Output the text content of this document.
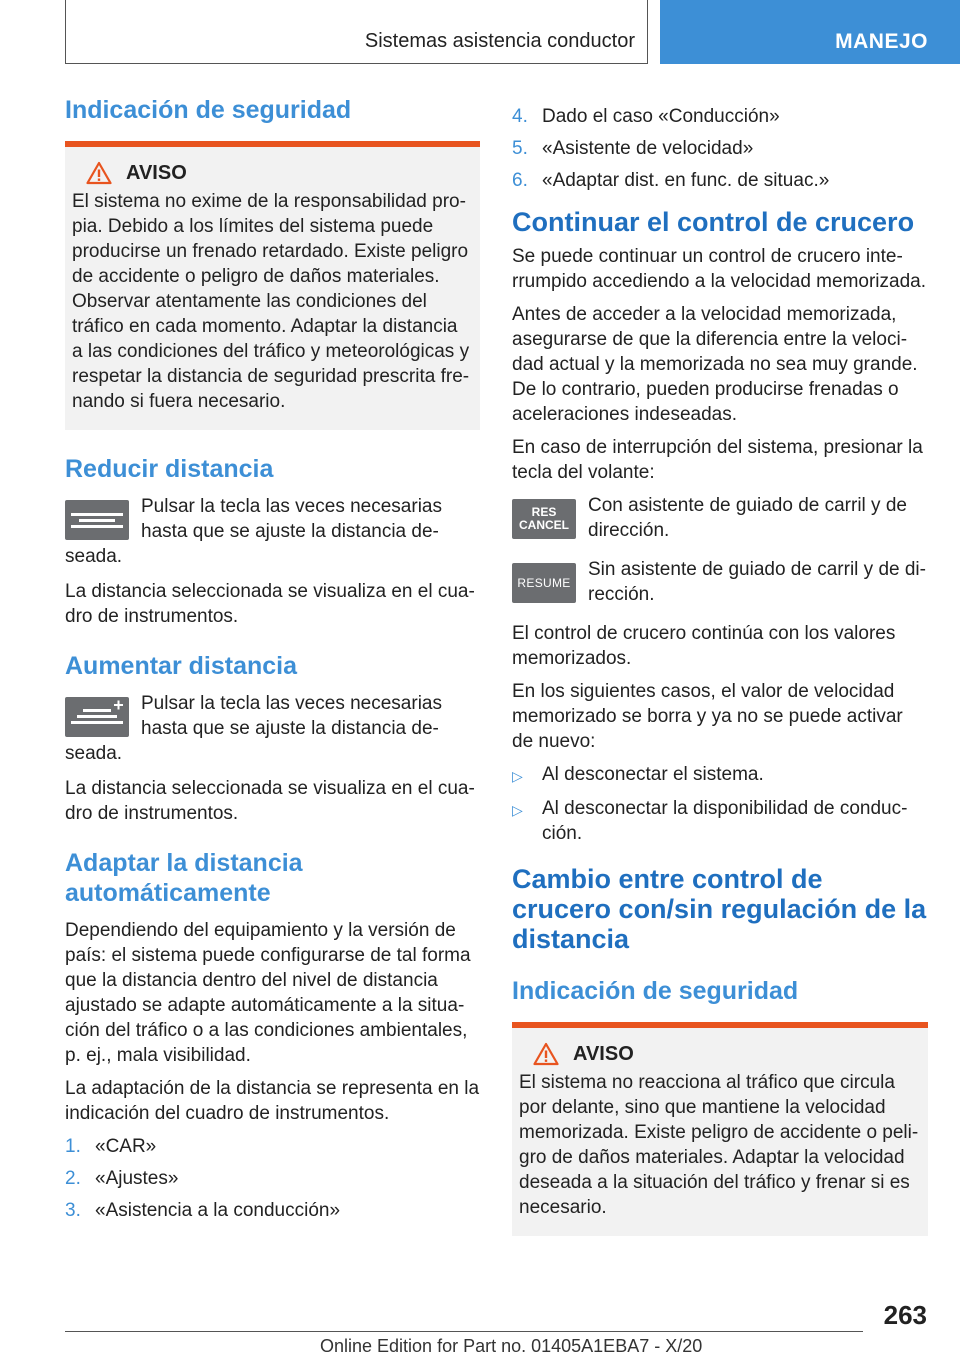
Sistemas asistencia conductor	MANEJO
Indicación de seguridad
AVISO

El sistema no exime de la responsabilidad propia. Debido a los límites del sistema puede producirse un frenado retardado. Existe peligro de accidente o peligro de daños materiales. Observar atentamente las condiciones del tráfico en cada momento. Adaptar la distancia a las condiciones del tráfico y meteorológicas y respetar la distancia de seguridad prescrita frenando si fuera necesario.

Reducir distancia
Pulsar la tecla las veces necesarias hasta que se ajuste la distancia deseada.

La distancia seleccionada se visualiza en el cuadro de instrumentos.

Aumentar distancia
Pulsar la tecla las veces necesarias hasta que se ajuste la distancia deseada.

La distancia seleccionada se visualiza en el cuadro de instrumentos.

Adaptar la distancia automáticamente

Dependiendo del equipamiento y la versión de país: el sistema puede configurarse de tal forma que la distancia dentro del nivel de distancia ajustado se adapte automáticamente a la situación del tráfico o a las condiciones ambientales, p. ej., mala visibilidad.

La adaptación de la distancia se representa en la indicación del cuadro de instrumentos.

1. «CAR»
2. «Ajustes»
3. «Asistencia a la conducción»
4. Dado el caso «Conducción»
5. «Asistente de velocidad»
6. «Adaptar dist. en func. de situac.»
Continuar el control de crucero

Se puede continuar un control de crucero interrumpido accediendo a la velocidad memorizada.

Antes de acceder a la velocidad memorizada, asegurarse de que la diferencia entre la velocidad actual y la memorizada no sea muy grande. De lo contrario, pueden producirse frenadas o aceleraciones indeseadas.

En caso de interrupción del sistema, presionar la tecla del volante:

RES
CANCEL
Con asistente de guiado de carril y de dirección.
RESUME
Sin asistente de guiado de carril y de dirección.

El control de crucero continúa con los valores memorizados.

En los siguientes casos, el valor de velocidad memorizado se borra y ya no se puede activar de nuevo:

▷	Al desconectar el sistema.
▷	Al desconectar la disponibilidad de conducción.
Cambio entre control de crucero con/sin regulación de la distancia
Indicación de seguridad
AVISO

El sistema no reacciona al tráfico que circula por delante, sino que mantiene la velocidad memorizada. Existe peligro de accidente o peligro de daños materiales. Adaptar la velocidad deseada a la situación del tráfico y frenar si es necesario.

263
Online Edition for Part no. 01405A1EBA7 - X/20
